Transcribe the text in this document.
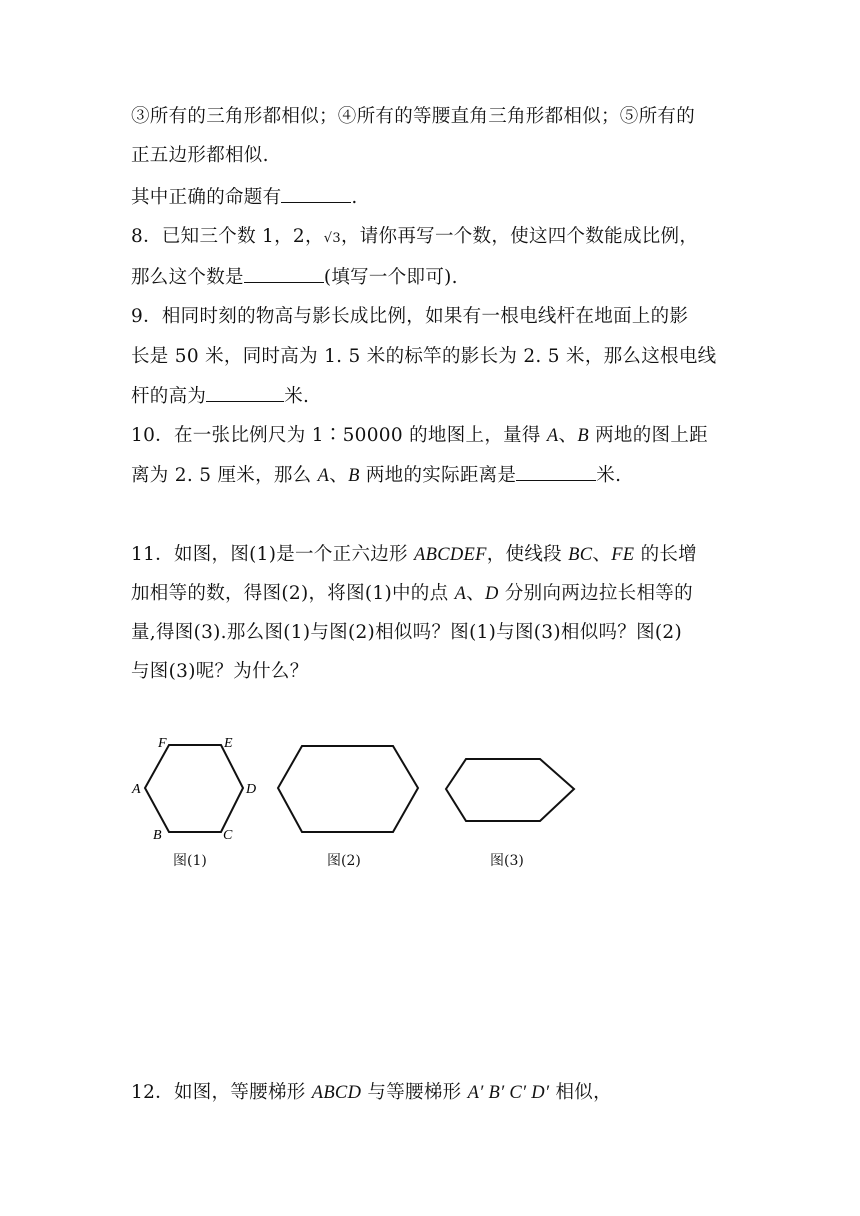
③所有的三角形都相似；④所有的等腰直角三角形都相似；⑤所有的
正五边形都相似.
其中正确的命题有	.
8．已知三个数 1，2，√3，请你再写一个数，使这四个数能成比例，
那么这个数是	(填写一个即可).
9．相同时刻的物高与影长成比例，如果有一根电线杆在地面上的影
长是 50 米，同时高为 1. 5 米的标竿的影长为 2. 5 米，那么这根电线
杆的高为	米.
10．在一张比例尺为 1∶50000 的地图上，量得 A、B 两地的图上距
离为 2. 5 厘米，那么 A、B 两地的实际距离是	米.
11．如图，图(1)是一个正六边形 ABCDEF，使线段 BC、FE 的长增
加相等的数，得图(2)，将图(1)中的点 A、D 分别向两边拉长相等的
量,得图(3).那么图(1)与图(2)相似吗？图(1)与图(3)相似吗？图(2)
与图(3)呢？为什么？
F	E
A	D
B	C
图(1)	图(2)	图(3)
12．如图，等腰梯形 ABCD 与等腰梯形 A′ B′ C′ D′ 相似，
